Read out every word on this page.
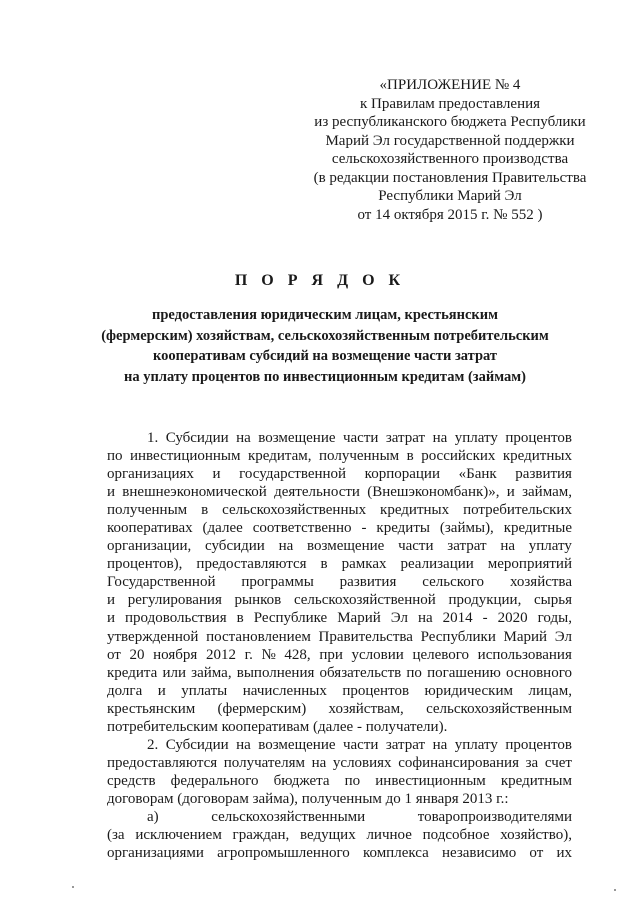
«ПРИЛОЖЕНИЕ № 4
к Правилам предоставления
из республиканского бюджета Республики
Марий Эл государственной поддержки
сельскохозяйственного производства
(в редакции постановления Правительства
Республики Марий Эл
от 14 октября 2015 г. № 552 )
П О Р Я Д О К
предоставления юридическим лицам, крестьянским
(фермерским) хозяйствам, сельскохозяйственным потребительским
кооперативам субсидий на возмещение части затрат
на уплату процентов по инвестиционным кредитам (займам)
1. Субсидии на возмещение части затрат на уплату процентов
по инвестиционным кредитам, полученным в российских кредитных
организациях и государственной корпорации «Банк развития
и внешнеэкономической деятельности (Внешэкономбанк)», и займам,
полученным в сельскохозяйственных кредитных потребительских
кооперативах (далее соответственно - кредиты (займы), кредитные
организации, субсидии на возмещение части затрат на уплату
процентов), предоставляются в рамках реализации мероприятий
Государственной программы развития сельского хозяйства
и регулирования рынков сельскохозяйственной продукции, сырья
и продовольствия в Республике Марий Эл на 2014 - 2020 годы,
утвержденной постановлением Правительства Республики Марий Эл
от 20 ноября 2012 г. № 428, при условии целевого использования
кредита или займа, выполнения обязательств по погашению основного
долга и уплаты начисленных процентов юридическим лицам,
крестьянским (фермерским) хозяйствам, сельскохозяйственным
потребительским кооперативам (далее - получатели).
2. Субсидии на возмещение части затрат на уплату процентов
предоставляются получателям на условиях софинансирования за счет
средств федерального бюджета по инвестиционным кредитным
договорам (договорам займа), полученным до 1 января 2013 г.:
а)	сельскохозяйственными	товаропроизводителями
(за исключением граждан, ведущих личное подсобное хозяйство),
организациями агропромышленного комплекса независимо от их
